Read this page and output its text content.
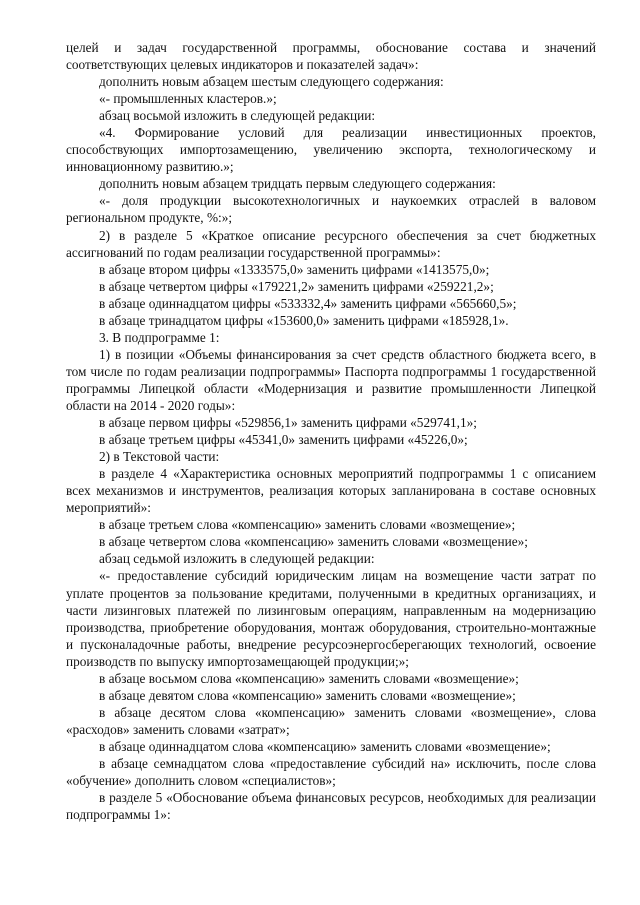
целей и задач государственной программы, обоснование состава и значений соответствующих целевых индикаторов и показателей задач»:

дополнить новым абзацем шестым следующего содержания:

«- промышленных кластеров.»;

абзац восьмой изложить в следующей редакции:

«4. Формирование условий для реализации инвестиционных проектов, способствующих импортозамещению, увеличению экспорта, технологическому и инновационному развитию.»;

дополнить новым абзацем тридцать первым следующего содержания:

«- доля продукции высокотехнологичных и наукоемких отраслей в валовом региональном продукте, %:»;

2) в разделе 5 «Краткое описание ресурсного обеспечения за счет бюджетных ассигнований по годам реализации государственной программы»:

в абзаце втором цифры «1333575,0» заменить цифрами «1413575,0»;

в абзаце четвертом цифры «179221,2» заменить цифрами «259221,2»;

в абзаце одиннадцатом цифры «533332,4» заменить цифрами «565660,5»;

в абзаце тринадцатом цифры «153600,0» заменить цифрами «185928,1».

3. В подпрограмме 1:

1) в позиции «Объемы финансирования за счет средств областного бюджета всего, в том числе по годам реализации подпрограммы» Паспорта подпрограммы 1 государственной программы Липецкой области «Модернизация и развитие промышленности Липецкой области на 2014 - 2020 годы»:

в абзаце первом цифры «529856,1» заменить цифрами «529741,1»;

в абзаце третьем цифры «45341,0» заменить цифрами «45226,0»;

2) в Текстовой части:

в разделе 4 «Характеристика основных мероприятий подпрограммы 1 с описанием всех механизмов и инструментов, реализация которых запланирована в составе основных мероприятий»:

в абзаце третьем слова «компенсацию» заменить словами «возмещение»;

в абзаце четвертом слова «компенсацию» заменить словами «возмещение»;

абзац седьмой изложить в следующей редакции:

«- предоставление субсидий юридическим лицам на возмещение части затрат по уплате процентов за пользование кредитами, полученными в кредитных организациях, и части лизинговых платежей по лизинговым операциям, направленным на модернизацию производства, приобретение оборудования, монтаж оборудования, строительно-монтажные и пусконаладочные работы, внедрение ресурсоэнергосберегающих технологий, освоение производств по выпуску импортозамещающей продукции;»;

в абзаце восьмом слова «компенсацию» заменить словами «возмещение»;

в абзаце девятом слова «компенсацию» заменить словами «возмещение»;

в абзаце десятом слова «компенсацию» заменить словами «возмещение», слова «расходов» заменить словами «затрат»;

в абзаце одиннадцатом слова «компенсацию» заменить словами «возмещение»;

в абзаце семнадцатом слова «предоставление субсидий на» исключить, после слова «обучение» дополнить словом «специалистов»;

в разделе 5 «Обоснование объема финансовых ресурсов, необходимых для реализации подпрограммы 1»:
